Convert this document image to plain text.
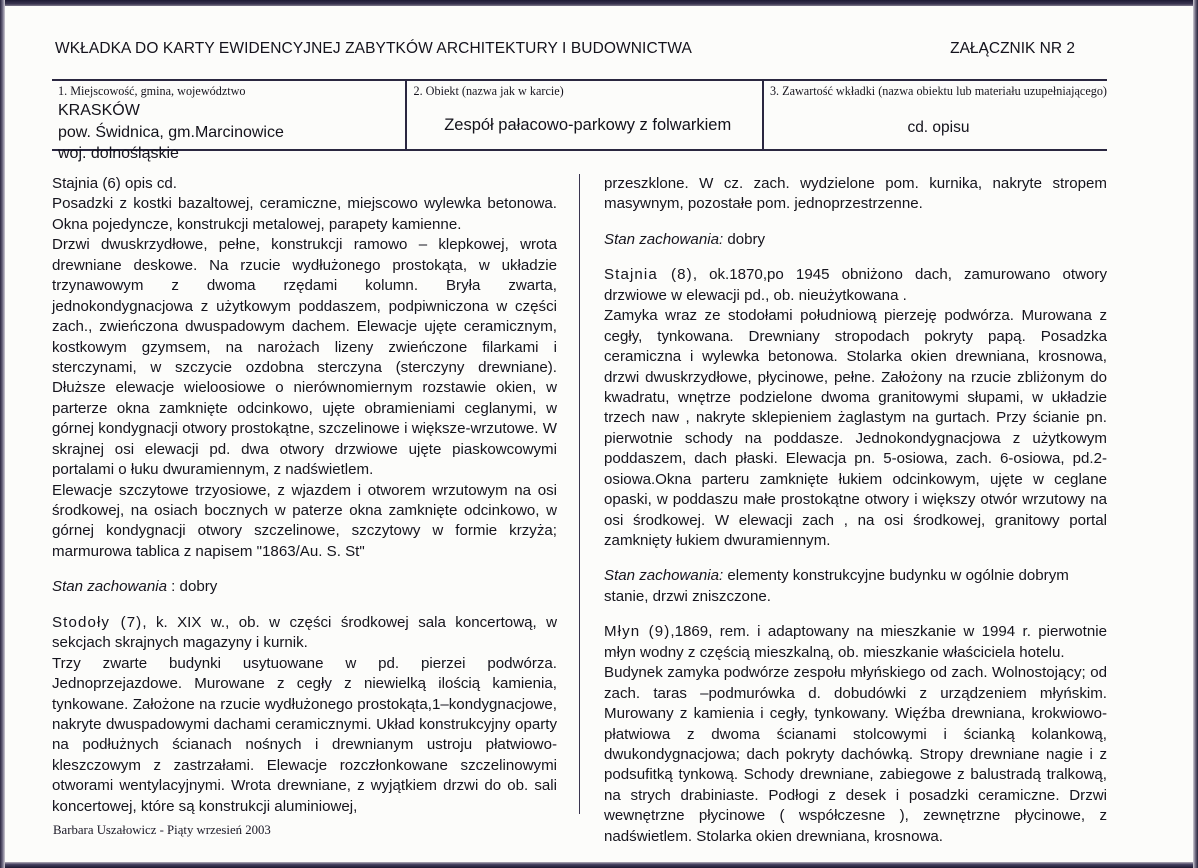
WKŁADKA DO KARTY EWIDENCYJNEJ ZABYTKÓW ARCHITEKTURY I BUDOWNICTWA	ZAŁĄCZNIK NR 2
1. Miejscowość, gmina, województwo
KRASKÓW
pow. Świdnica, gm.Marcinowice
woj. dolnośląskie
2. Obiekt (nazwa jak w karcie)
Zespół pałacowo-parkowy z folwarkiem
3. Zawartość wkładki (nazwa obiektu lub materiału uzupełniającego)
cd. opisu

Stajnia (6) opis cd.

Posadzki z kostki bazaltowej, ceramiczne, miejscowo wylewka betonowa. Okna pojedyncze, konstrukcji metalowej, parapety kamienne.

Drzwi dwuskrzydłowe, pełne, konstrukcji ramowo – klepkowej, wrota drewniane deskowe. Na rzucie wydłużonego prostokąta, w układzie trzynawowym z dwoma rzędami kolumn. Bryła zwarta, jednokondygnacjowa z użytkowym poddaszem, podpiwniczona w części zach., zwieńczona dwuspadowym dachem. Elewacje ujęte ceramicznym, kostkowym gzymsem, na narożach lizeny zwieńczone filarkami i sterczynami, w szczycie ozdobna sterczyna (sterczyny drewniane). Dłuższe elewacje wieloosiowe o nierównomiernym rozstawie okien, w parterze okna zamknięte odcinkowo, ujęte obramieniami ceglanymi, w górnej kondygnacji otwory prostokątne, szczelinowe i większe-wrzutowe. W skrajnej osi elewacji pd. dwa otwory drzwiowe ujęte piaskowcowymi portalami o łuku dwuramiennym, z nadświetlem.

Elewacje szczytowe trzyosiowe, z wjazdem i otworem wrzutowym na osi środkowej, na osiach bocznych w paterze okna zamknięte odcinkowo, w górnej kondygnacji otwory szczelinowe, szczytowy w formie krzyża; marmurowa tablica z napisem "1863/Au. S. St"

Stan zachowania : dobry

Stodoły (7), k. XIX w., ob. w części środkowej sala koncertową, w sekcjach skrajnych magazyny i kurnik.

Trzy zwarte budynki usytuowane w pd. pierzei podwórza. Jednoprzejazdowe. Murowane z cegły z niewielką ilością kamienia, tynkowane. Założone na rzucie wydłużonego prostokąta,1–kondygnacjowe, nakryte dwuspadowymi dachami ceramicznymi. Układ konstrukcyjny oparty na podłużnych ścianach nośnych i drewnianym ustroju płatwiowo-kleszczowym z zastrzałami. Elewacje rozczłonkowane szczelinowymi otworami wentylacyjnymi. Wrota drewniane, z wyjątkiem drzwi do ob. sali koncertowej, które są konstrukcji aluminiowej,

przeszklone. W cz. zach. wydzielone pom. kurnika, nakryte stropem masywnym, pozostałe pom. jednoprzestrzenne.

Stan zachowania: dobry

Stajnia (8), ok.1870,po 1945 obniżono dach, zamurowano otwory drzwiowe w elewacji pd., ob. nieużytkowana .

Zamyka wraz ze stodołami południową pierzeję podwórza. Murowana z cegły, tynkowana. Drewniany stropodach pokryty papą. Posadzka ceramiczna i wylewka betonowa. Stolarka okien drewniana, krosnowa, drzwi dwuskrzydłowe, płycinowe, pełne. Założony na rzucie zbliżonym do kwadratu, wnętrze podzielone dwoma granitowymi słupami, w układzie trzech naw , nakryte sklepieniem żaglastym na gurtach. Przy ścianie pn. pierwotnie schody na poddasze. Jednokondygnacjowa z użytkowym poddaszem, dach płaski. Elewacja pn. 5-osiowa, zach. 6-osiowa, pd.2-osiowa.Okna parteru zamknięte łukiem odcinkowym, ujęte w ceglane opaski, w poddaszu małe prostokątne otwory i większy otwór wrzutowy na osi środkowej. W elewacji zach , na osi środkowej, granitowy portal zamknięty łukiem dwuramiennym.

Stan zachowania: elementy konstrukcyjne budynku w ogólnie dobrym stanie, drzwi zniszczone.

Młyn (9),1869, rem. i adaptowany na mieszkanie w 1994 r. pierwotnie młyn wodny z częścią mieszkalną, ob. mieszkanie właściciela hotelu.

Budynek zamyka podwórze zespołu młyńskiego od zach. Wolnostojący; od zach. taras –podmurówka d. dobudówki z urządzeniem młyńskim. Murowany z kamienia i cegły, tynkowany. Więźba drewniana, krokwiowo-płatwiowa z dwoma ścianami stolcowymi i ścianką kolankową, dwukondygnacjowa; dach pokryty dachówką. Stropy drewniane nagie i z podsufitką tynkową. Schody drewniane, zabiegowe z balustradą tralkową, na strych drabiniaste. Podłogi z desek i posadzki ceramiczne. Drzwi wewnętrzne płycinowe ( współczesne ), zewnętrzne płycinowe, z nadświetlem. Stolarka okien drewniana, krosnowa.

Barbara Uszałowicz - Piąty wrzesień 2003
